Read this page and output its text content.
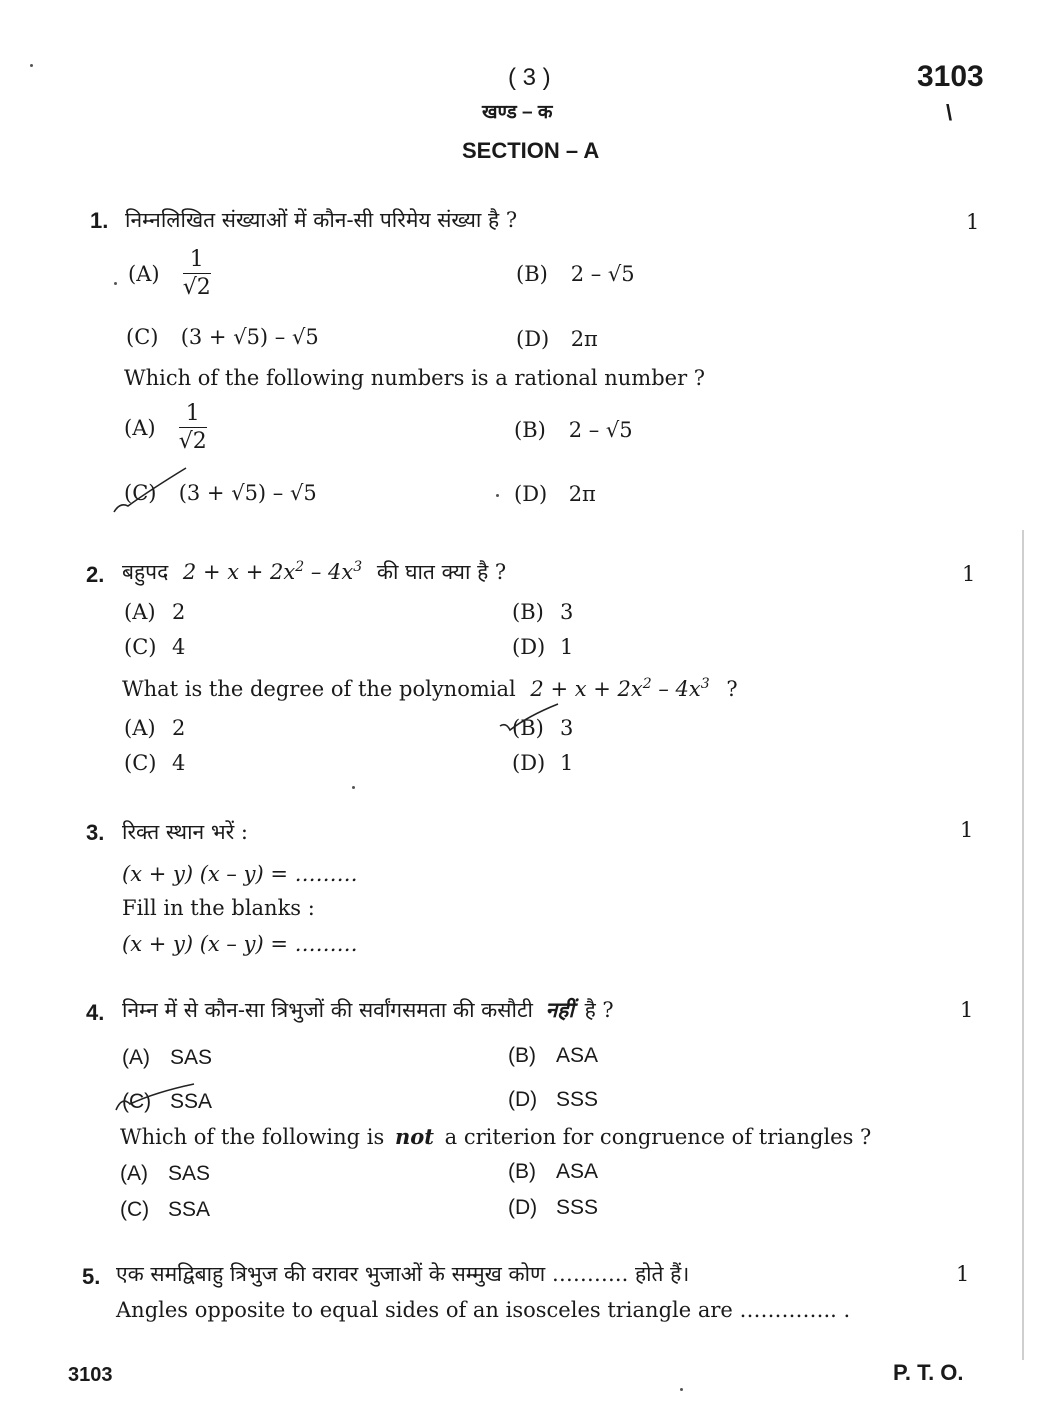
( 3 )	3103
\
खण्ड – क
SECTION – A
1. निम्नलिखित संख्याओं में कौन-सी परिमेय संख्या है ?	1
$(A) \frac{1}{√2}$	(B) 2 – √5
(C) (3 + √5) – √5	(D) 2π
Which of the following numbers is a rational number ?
$(A) \frac{1}{√2}$	(B) 2 – √5
(C) (3 + √5) – √5	(D) 2π
2. बहुपद $2 + x + 2x^2 - 4x^3$ की घात क्या है ?	1
(A) 2	(B) 3
(C) 4	(D) 1
What is the degree of the polynomial $2 + x + 2x^2 - 4x^3$ ?
(A) 2	(B) 3
(C) 4	(D) 1
3. रिक्त स्थान भरें :	1
(x + y) (x – y) = ………
Fill in the blanks :
(x + y) (x – y) = ………
4. निम्न में से कौन-सा त्रिभुजों की सर्वांगसमता की कसौटी नहीं है ?	1
(A) SAS	(B) ASA
(C) SSA	(D) SSS
Which of the following is not a criterion for congruence of triangles ?
(A) SAS	(B) ASA
(C) SSA	(D) SSS
5. एक समद्विबाहु त्रिभुज की वरावर भुजाओं के सम्मुख कोण ……….. होते हैं।	1
Angles opposite to equal sides of an isosceles triangle are ………….. .
3103	P. T. O.
